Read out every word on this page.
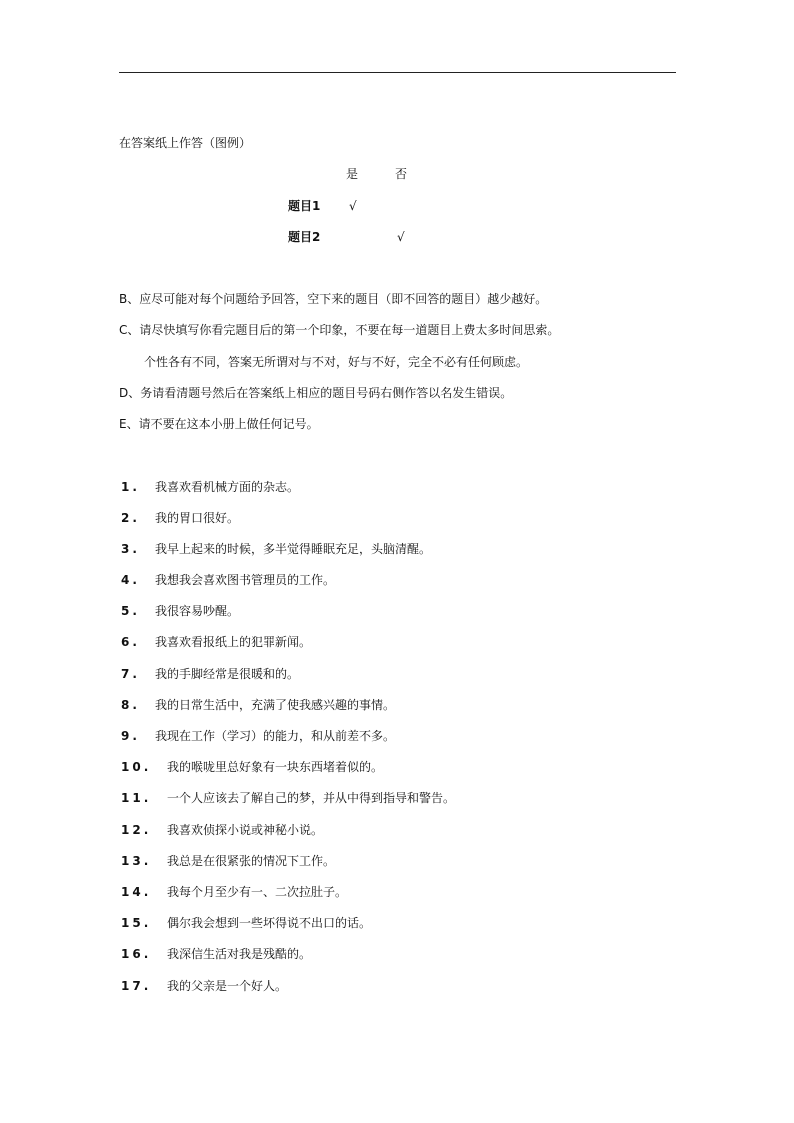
在答案纸上作答（图例）
是	否
题目1 √
题目2	√
B、应尽可能对每个问题给予回答，空下来的题目（即不回答的题目）越少越好。
C、请尽快填写你看完题目后的第一个印象，不要在每一道题目上费太多时间思索。
个性各有不同，答案无所谓对与不对，好与不好，完全不必有任何顾虑。
D、务请看清题号然后在答案纸上相应的题目号码右侧作答以名发生错误。
E、请不要在这本小册上做任何记号。
1. 我喜欢看机械方面的杂志。
2. 我的胃口很好。
3. 我早上起来的时候，多半觉得睡眠充足，头脑清醒。
4. 我想我会喜欢图书管理员的工作。
5. 我很容易吵醒。
6. 我喜欢看报纸上的犯罪新闻。
7. 我的手脚经常是很暖和的。
8. 我的日常生活中，充满了使我感兴趣的事情。
9. 我现在工作（学习）的能力，和从前差不多。
10. 我的喉咙里总好象有一块东西堵着似的。
11. 一个人应该去了解自己的梦，并从中得到指导和警告。
12. 我喜欢侦探小说或神秘小说。
13. 我总是在很紧张的情况下工作。
14. 我每个月至少有一、二次拉肚子。
15. 偶尔我会想到一些坏得说不出口的话。
16. 我深信生活对我是残酷的。
17. 我的父亲是一个好人。
